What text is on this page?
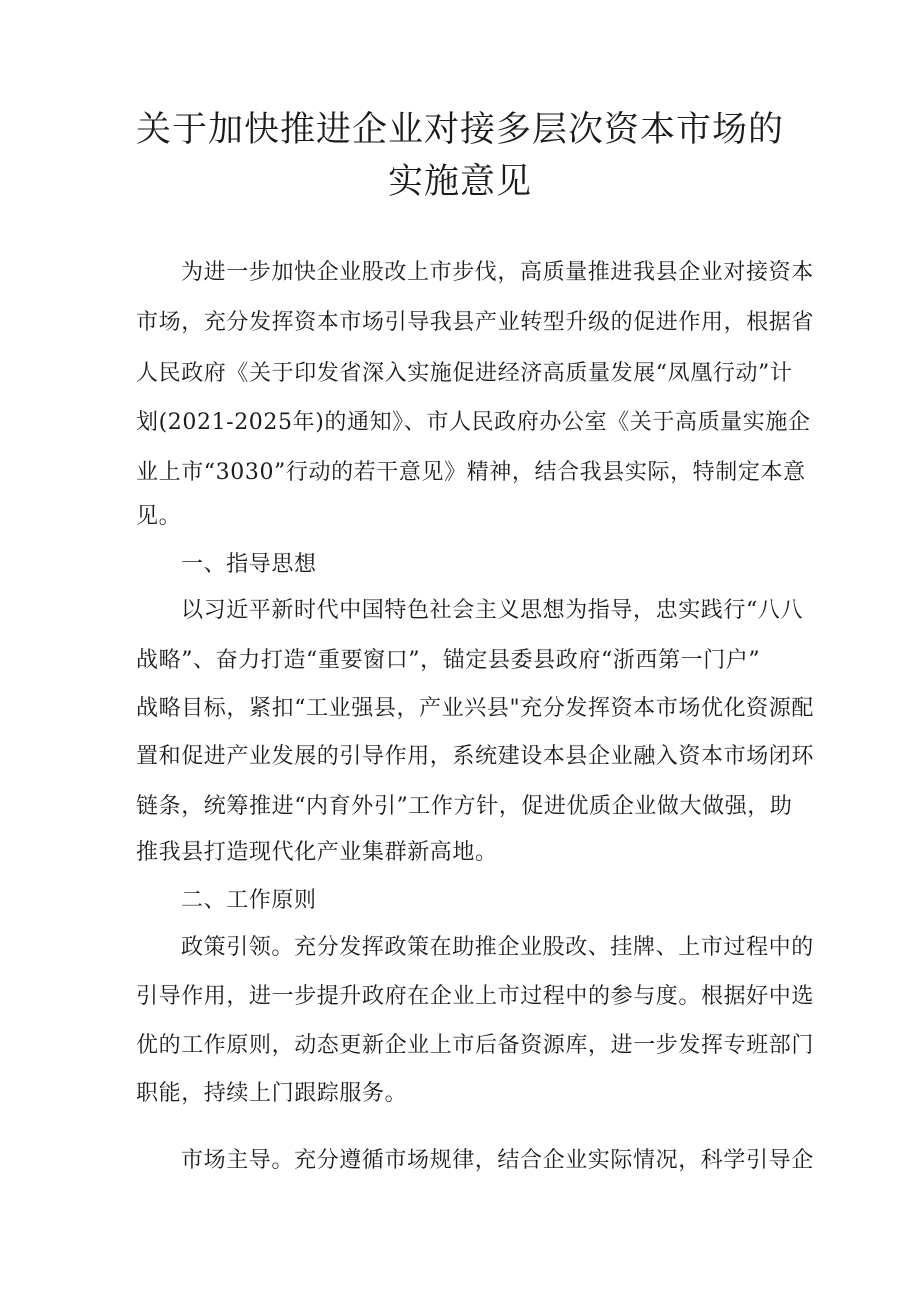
关于加快推进企业对接多层次资本市场的
实施意见
为进一步加快企业股改上市步伐，高质量推进我县企业对接资本
市场，充分发挥资本市场引导我县产业转型升级的促进作用，根据省
人民政府《关于印发省深入实施促进经济高质量发展“凤凰行动”计
划(2021-2025年)的通知》、市人民政府办公室《关于高质量实施企
业上市“3030”行动的若干意见》精神，结合我县实际，特制定本意
见。
一、指导思想
以习近平新时代中国特色社会主义思想为指导，忠实践行“八八
战略”、奋力打造“重要窗口”，锚定县委县政府“浙西第一门户”
战略目标，紧扣“工业强县，产业兴县"充分发挥资本市场优化资源配
置和促进产业发展的引导作用，系统建设本县企业融入资本市场闭环
链条，统筹推进“内育外引”工作方针，促进优质企业做大做强，助
推我县打造现代化产业集群新高地。
二、工作原则
政策引领。充分发挥政策在助推企业股改、挂牌、上市过程中的
引导作用，进一步提升政府在企业上市过程中的参与度。根据好中选
优的工作原则，动态更新企业上市后备资源库，进一步发挥专班部门
职能，持续上门跟踪服务。
市场主导。充分遵循市场规律，结合企业实际情况，科学引导企
